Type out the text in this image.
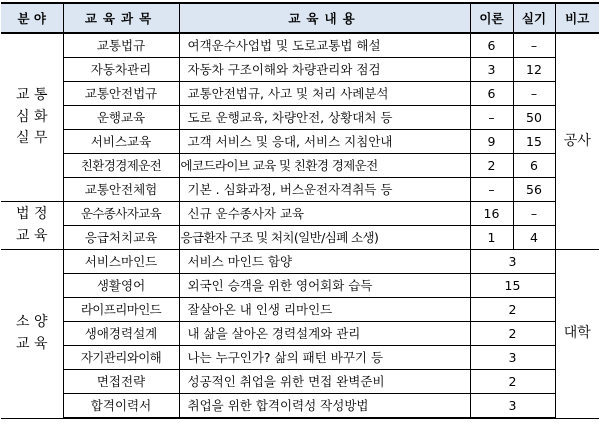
분 야	교육과목	교육내용	이론	실기	비고

교 통
심 화
실 무	교통법규	여객운수사업법 및 도로교통법 해설	6	–	공사
	자동차관리	자동차 구조이해와 차량관리와 점검	3	12	
	교통안전법규	교통안전법규, 사고 및 처리 사례분석	6	–	
	운행교육	도로 운행교육, 차량안전, 상황대처 등	–	50	
	서비스교육	고객 서비스 및 응대, 서비스 지침안내	9	15	
	친환경경제운전	에코드라이브 교육 및 친환경 경제운전	2	6	
	교통안전체험	기본 . 심화과정, 버스운전자격취득 등	–	56	

법 정
교 육	운수종사자교육	신규 운수종사자 교육	16	–	
	응급처치교육	응급환자 구조 및 처치(일반/심폐 소생)	1	4	

소 양
교 육	서비스마인드	서비스 마인드 함양	3		대학
	생활영어	외국인 승객을 위한 영어회화 습득	15		
	라이프리마인드	잘살아온 내 인생 리마인드	2		
	생애경력설계	내 삶을 살아온 경력설계와 관리	2		
	자기관리와이해	나는 누구인가? 삶의 패턴 바꾸기 등	3		
	면접전략	성공적인 취업을 위한 면접 완벽준비	2		
	합격이력서	취업을 위한 합격이력성 작성방법	3		
